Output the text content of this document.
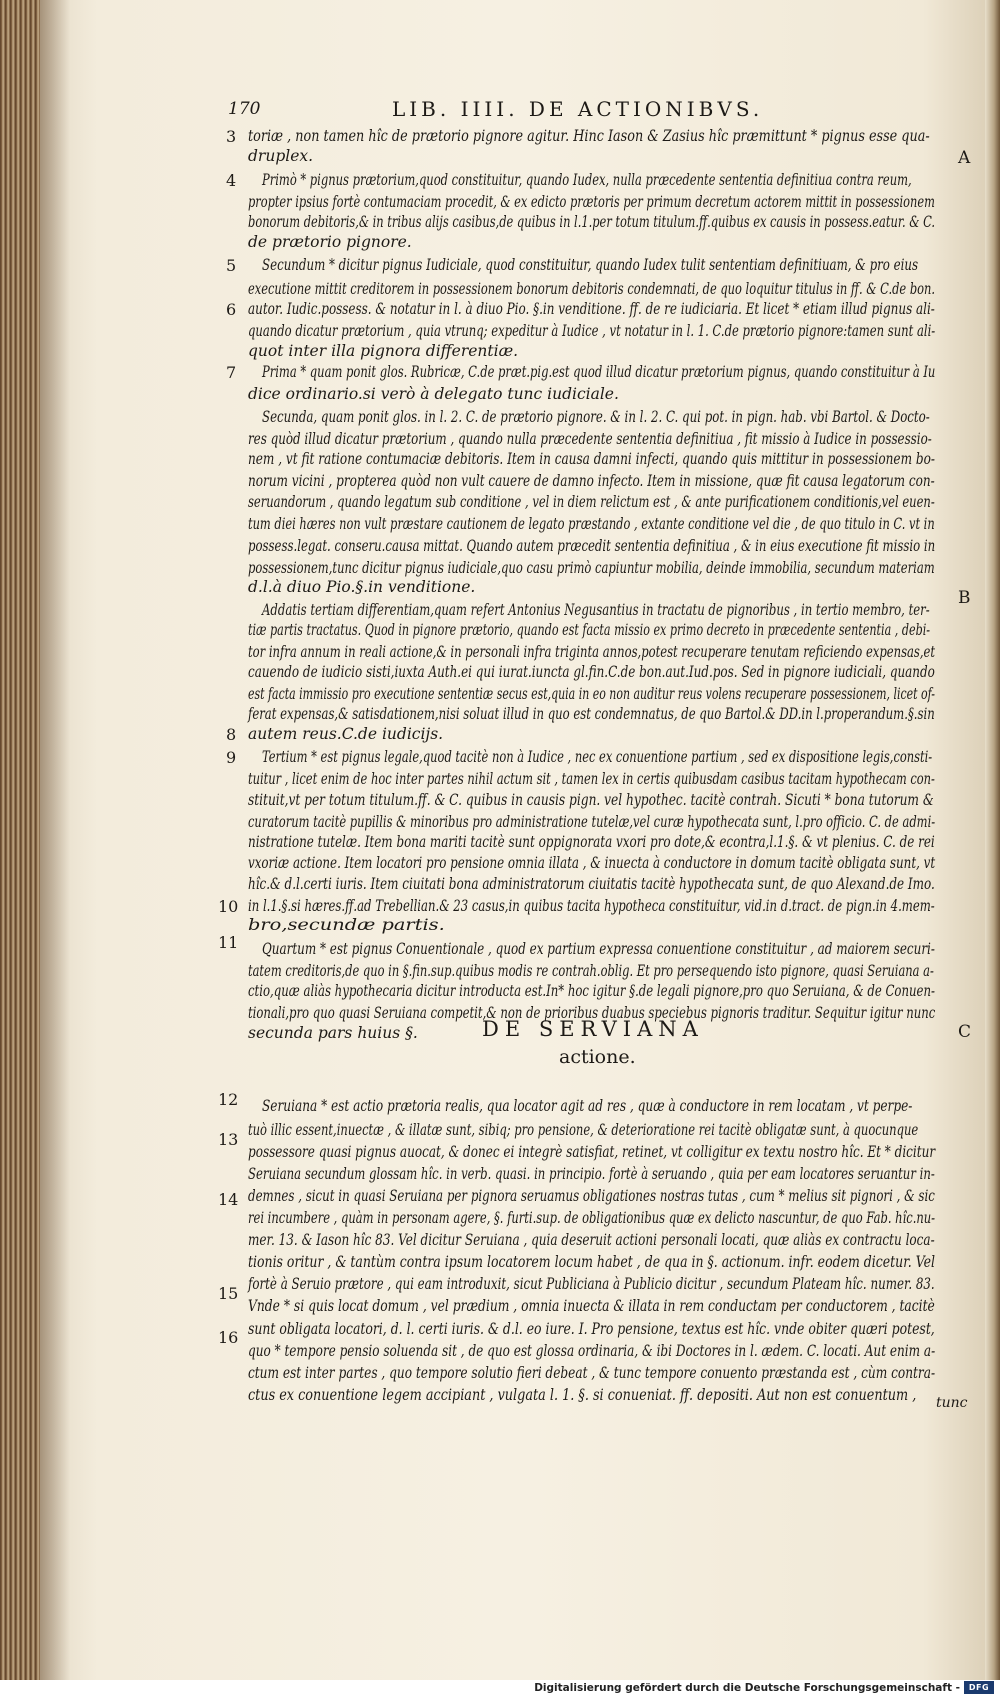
170	LIB. IIII. DE ACTIONIBVS.
A
B
C
3
4
5
6
7
8
9
10
11
12
13
14
15
16
toriæ , non tamen hîc de prætorio pignore agitur. Hinc Iason & Zasius hîc præmittunt * pignus esse qua-
druplex.
Primò * pignus prætorium,quod constituitur, quando Iudex, nulla præcedente sententia definitiua contra reum,
propter ipsius fortè contumaciam procedit, & ex edicto prætoris per primum decretum actorem mittit in possessionem
bonorum debitoris,& in tribus alijs casibus,de quibus in l.1.per totum titulum.ff.quibus ex causis in possess.eatur. & C.
de prætorio pignore.
Secundum * dicitur pignus Iudiciale, quod constituitur, quando Iudex tulit sententiam definitiuam, & pro eius
executione mittit creditorem in possessionem bonorum debitoris condemnati, de quo loquitur titulus in ff. & C.de bon.
autor. Iudic.possess. & notatur in l. à diuo Pio. §.in venditione. ff. de re iudiciaria. Et licet * etiam illud pignus ali-
quando dicatur prætorium , quia vtrunq; expeditur à Iudice , vt notatur in l. 1. C.de prætorio pignore:tamen sunt ali-
quot inter illa pignora differentiæ.
Prima * quam ponit glos. Rubricæ, C.de præt.pig.est quod illud dicatur prætorium pignus, quando constituitur à Iu
dice ordinario.si verò à delegato tunc iudiciale.
Secunda, quam ponit glos. in l. 2. C. de prætorio pignore. & in l. 2. C. qui pot. in pign. hab. vbi Bartol. & Docto-
res quòd illud dicatur prætorium , quando nulla præcedente sententia definitiua , fit missio à Iudice in possessio-
nem , vt fit ratione contumaciæ debitoris. Item in causa damni infecti, quando quis mittitur in possessionem bo-
norum vicini , propterea quòd non vult cauere de damno infecto. Item in missione, quæ fit causa legatorum con-
seruandorum , quando legatum sub conditione , vel in diem relictum est , & ante purificationem conditionis,vel euen-
tum diei hæres non vult præstare cautionem de legato præstando , extante conditione vel die , de quo titulo in C. vt in
possess.legat. conseru.causa mittat. Quando autem præcedit sententia definitiua , & in eius executione fit missio in
possessionem,tunc dicitur pignus iudiciale,quo casu primò capiuntur mobilia, deinde immobilia, secundum materiam
d.l.à diuo Pio.§.in venditione.
Addatis tertiam differentiam,quam refert Antonius Negusantius in tractatu de pignoribus , in tertio membro, ter-
tiæ partis tractatus. Quod in pignore prætorio, quando est facta missio ex primo decreto in præcedente sententia , debi-
tor infra annum in reali actione,& in personali infra triginta annos,potest recuperare tenutam reficiendo expensas,et
cauendo de iudicio sisti,iuxta Auth.ei qui iurat.iuncta gl.fin.C.de bon.aut.Iud.pos. Sed in pignore iudiciali, quando
est facta immissio pro executione sententiæ secus est,quia in eo non auditur reus volens recuperare possessionem, licet of-
ferat expensas,& satisdationem,nisi soluat illud in quo est condemnatus, de quo Bartol.& DD.in l.properandum.§.sin
autem reus.C.de iudicijs.
Tertium * est pignus legale,quod tacitè non à Iudice , nec ex conuentione partium , sed ex dispositione legis,consti-
tuitur , licet enim de hoc inter partes nihil actum sit , tamen lex in certis quibusdam casibus tacitam hypothecam con-
stituit,vt per totum titulum.ff. & C. quibus in causis pign. vel hypothec. tacitè contrah. Sicuti * bona tutorum &
curatorum tacitè pupillis & minoribus pro administratione tutelæ,vel curæ hypothecata sunt, l.pro officio. C. de admi-
nistratione tutelæ. Item bona mariti tacitè sunt oppignorata vxori pro dote,& econtra,l.1.§. & vt plenius. C. de rei
vxoriæ actione. Item locatori pro pensione omnia illata , & inuecta à conductore in domum tacitè obligata sunt, vt
hîc.& d.l.certi iuris. Item ciuitati bona administratorum ciuitatis tacitè hypothecata sunt, de quo Alexand.de Imo.
in l.1.§.si hæres.ff.ad Trebellian.& 23 casus,in quibus tacita hypotheca constituitur, vid.in d.tract. de pign.in 4.mem-
bro,secundæ partis.
Quartum * est pignus Conuentionale , quod ex partium expressa conuentione constituitur , ad maiorem securi-
tatem creditoris,de quo in §.fin.sup.quibus modis re contrah.oblig. Et pro persequendo isto pignore, quasi Seruiana a-
ctio,quæ aliàs hypothecaria dicitur introducta est.In* hoc igitur §.de legali pignore,pro quo Seruiana, & de Conuen-
tionali,pro quo quasi Seruiana competit,& non de prioribus duabus speciebus pignoris traditur. Sequitur igitur nunc
secunda pars huius §.
Seruiana * est actio prætoria realis, qua locator agit ad res , quæ à conductore in rem locatam , vt perpe-
tuò illic essent,inuectæ , & illatæ sunt, sibiq; pro pensione, & deterioratione rei tacitè obligatæ sunt, à quocunque
possessore quasi pignus auocat, & donec ei integrè satisfiat, retinet, vt colligitur ex textu nostro hîc. Et * dicitur
Seruiana secundum glossam hîc. in verb. quasi. in principio. fortè à seruando , quia per eam locatores seruantur in-
demnes , sicut in quasi Seruiana per pignora seruamus obligationes nostras tutas , cum * melius sit pignori , & sic
rei incumbere , quàm in personam agere, §. furti.sup. de obligationibus quæ ex delicto nascuntur, de quo Fab. hîc.nu-
mer. 13. & Iason hîc 83. Vel dicitur Seruiana , quia deseruit actioni personali locati, quæ aliàs ex contractu loca-
tionis oritur , & tantùm contra ipsum locatorem locum habet , de qua in §. actionum. infr. eodem dicetur. Vel
fortè à Seruio prætore , qui eam introduxit, sicut Publiciana à Publicio dicitur , secundum Plateam hîc. numer. 83.
Vnde * si quis locat domum , vel prædium , omnia inuecta & illata in rem conductam per conductorem , tacitè
sunt obligata locatori, d. l. certi iuris. & d.l. eo iure. I. Pro pensione, textus est hîc. vnde obiter quæri potest,
quo * tempore pensio soluenda sit , de quo est glossa ordinaria, & ibi Doctores in l. ædem. C. locati. Aut enim a-
ctum est inter partes , quo tempore solutio fieri debeat , & tunc tempore conuento præstanda est , cùm contra-
ctus ex conuentione legem accipiant , vulgata l. 1. §. si conueniat. ff. depositi. Aut non est conuentum ,
DE SERVIANA
actione.
tunc
Digitalisierung gefördert durch die Deutsche Forschungsgemeinschaft -	DFG
